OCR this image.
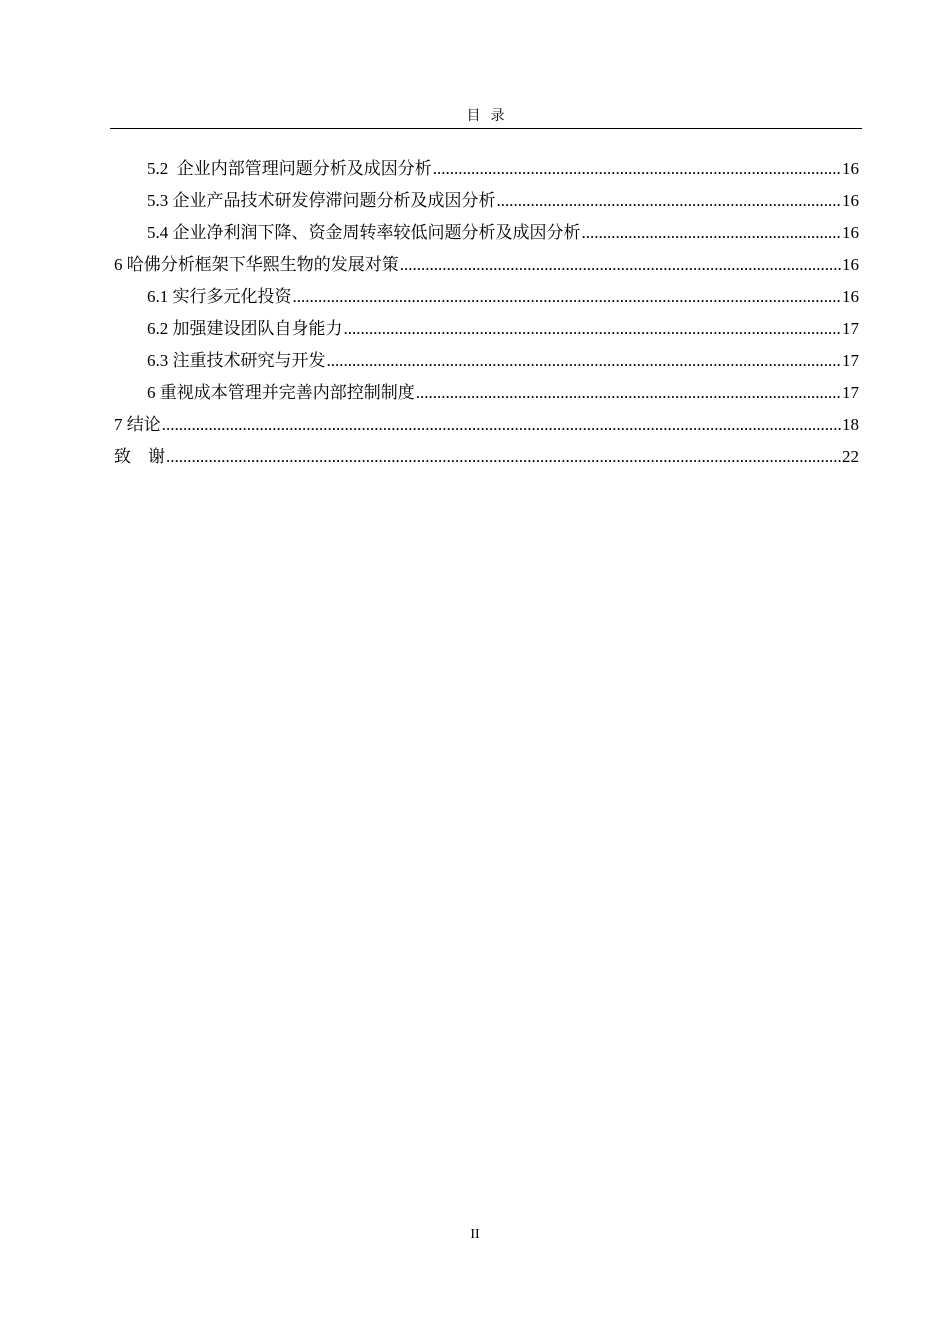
目  录
5.2  企业内部管理问题分析及成因分析 .....	16
5.3 企业产品技术研发停滞问题分析及成因分析 .....	16
5.4 企业净利润下降、资金周转率较低问题分析及成因分析 .....	16
6 哈佛分析框架下华熙生物的发展对策 .....	16
6.1 实行多元化投资 .....	16
6.2 加强建设团队自身能力 .....	17
6.3 注重技术研究与开发 .....	17
6 重视成本管理并完善内部控制制度 .....	17
7 结论 .....	18
致    谢 .....	22
II
